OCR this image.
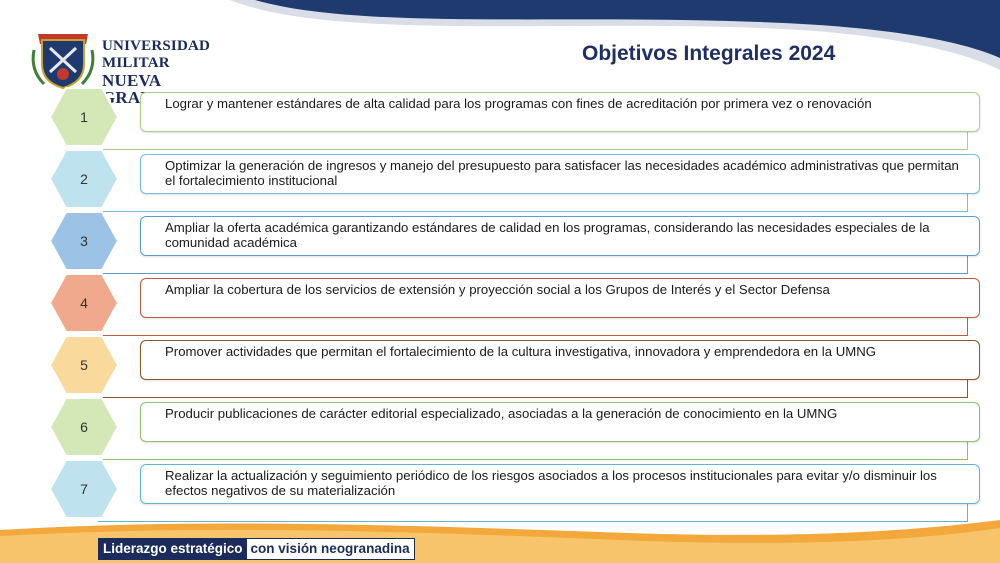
UNIVERSIDAD MILITAR
NUEVA
Objetivos Integrales 2024
Lograr y mantener estándares de alta calidad para los programas con fines de acreditación por primera vez o renovación
1
Optimizar la generación de ingresos y manejo del presupuesto para satisfacer las necesidades académico administrativas que permitan el fortalecimiento institucional
2
Ampliar la oferta académica garantizando estándares de calidad en los programas, considerando las necesidades especiales de la comunidad académica
3
Ampliar la cobertura de los servicios de extensión y proyección social a los Grupos de Interés y el Sector Defensa
4
Promover actividades que permitan el fortalecimiento de la cultura investigativa, innovadora y emprendedora en la UMNG
5
Producir publicaciones de carácter editorial especializado, asociadas a la generación de conocimiento en la UMNG
6
Realizar la actualización y seguimiento periódico de los riesgos asociados a los procesos institucionales para evitar y/o disminuir los efectos negativos de su materialización
7
Liderazgo estratégico con visión neogranadina
